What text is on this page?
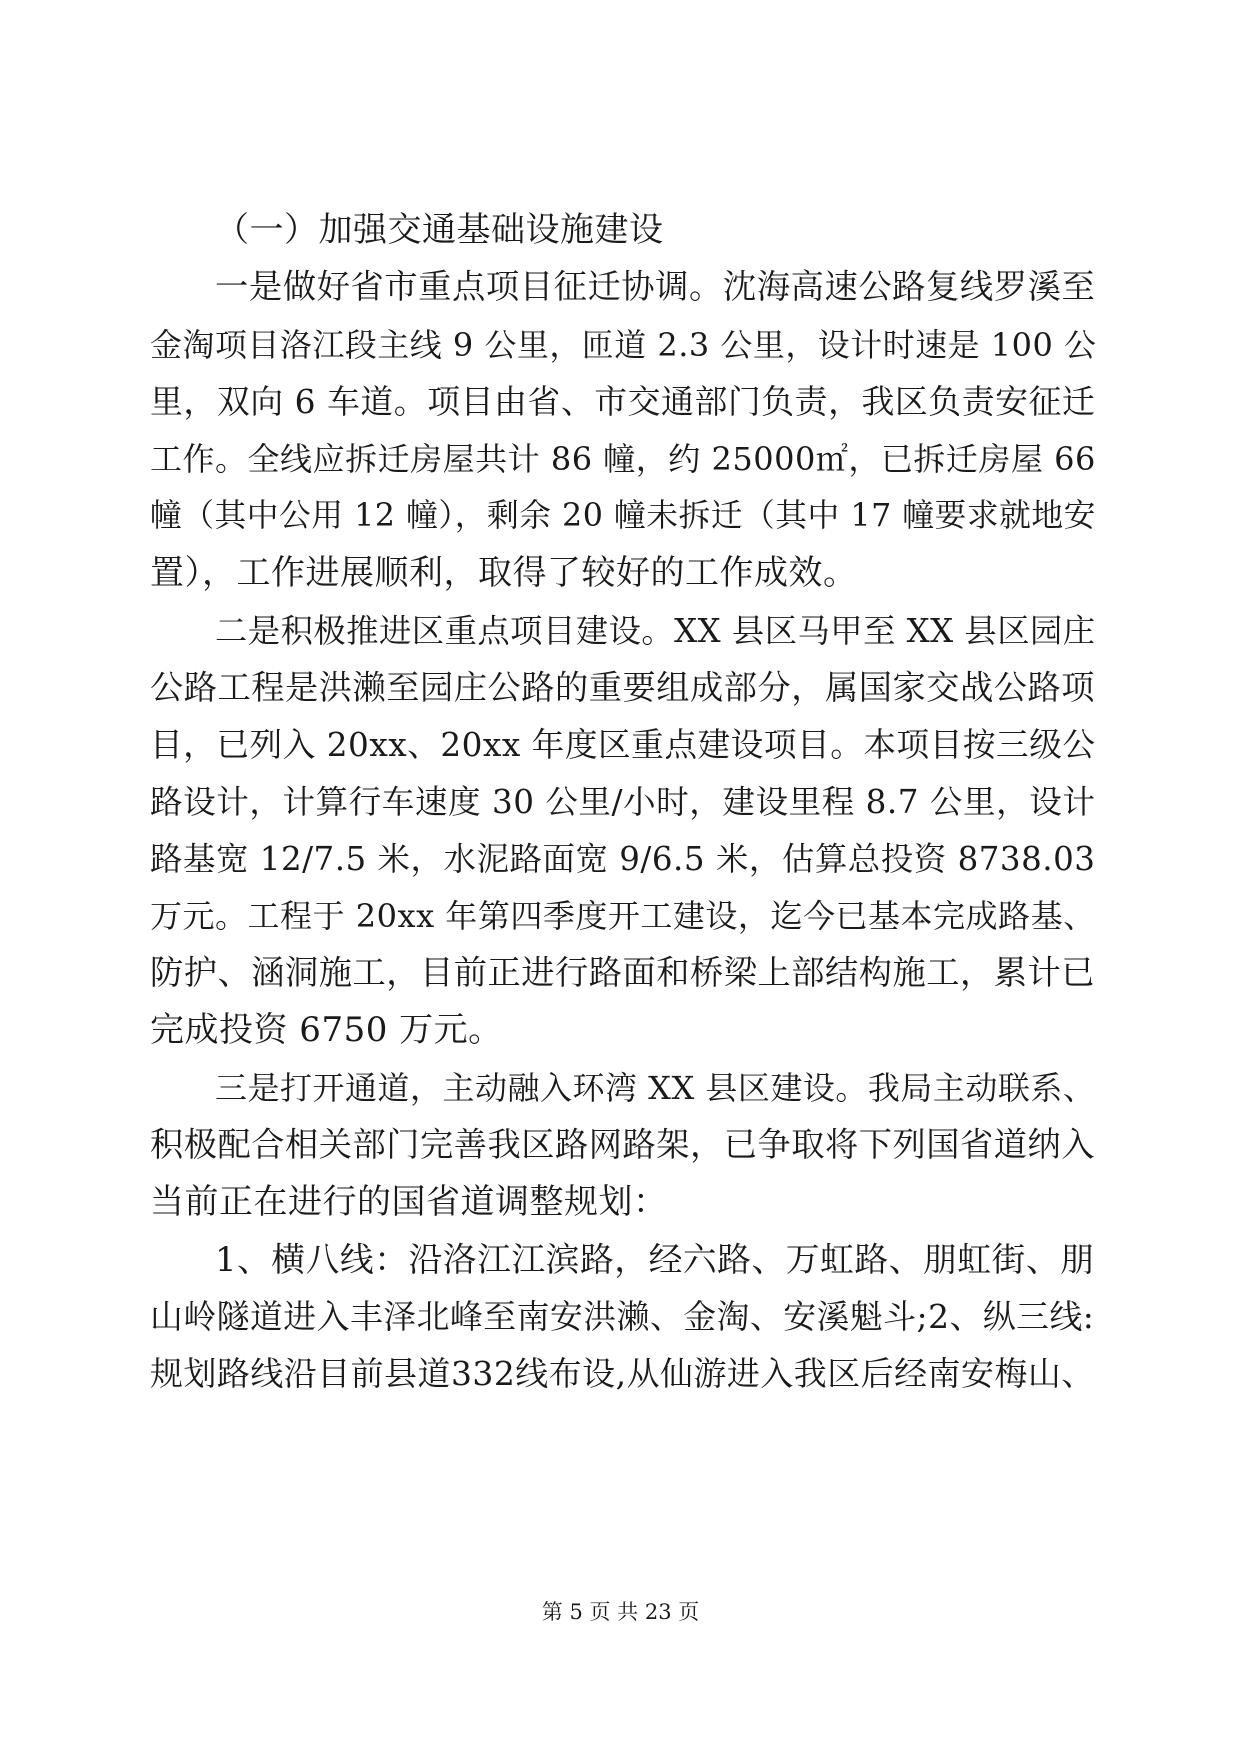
（一）加强交通基础设施建设
一是做好省市重点项目征迁协调。沈海高速公路复线罗溪至
金淘项目洛江段主线 9 公里，匝道 2.3 公里，设计时速是 100 公
里，双向 6 车道。项目由省、市交通部门负责，我区负责安征迁
工作。全线应拆迁房屋共计 86 幢，约 25000㎡，已拆迁房屋 66
幢（其中公用 12 幢），剩余 20 幢未拆迁（其中 17 幢要求就地安
置），工作进展顺利，取得了较好的工作成效。
二是积极推进区重点项目建设。XX 县区马甲至 XX 县区园庄
公路工程是洪濑至园庄公路的重要组成部分，属国家交战公路项
目，已列入 20xx、20xx 年度区重点建设项目。本项目按三级公
路设计，计算行车速度 30 公里/小时，建设里程 8.7 公里，设计
路基宽 12/7.5 米，水泥路面宽 9/6.5 米，估算总投资 8738.03
万元。工程于 20xx 年第四季度开工建设，迄今已基本完成路基、
防护、涵洞施工，目前正进行路面和桥梁上部结构施工，累计已
完成投资 6750 万元。
三是打开通道，主动融入环湾 XX 县区建设。我局主动联系、
积极配合相关部门完善我区路网路架，已争取将下列国省道纳入
当前正在进行的国省道调整规划：
1、横八线：沿洛江江滨路，经六路、万虹路、朋虹街、朋
山岭隧道进入丰泽北峰至南安洪濑、金淘、安溪魁斗;2、纵三线:
规划路线沿目前县道332线布设,从仙游进入我区后经南安梅山、
第 5 页 共 23 页
